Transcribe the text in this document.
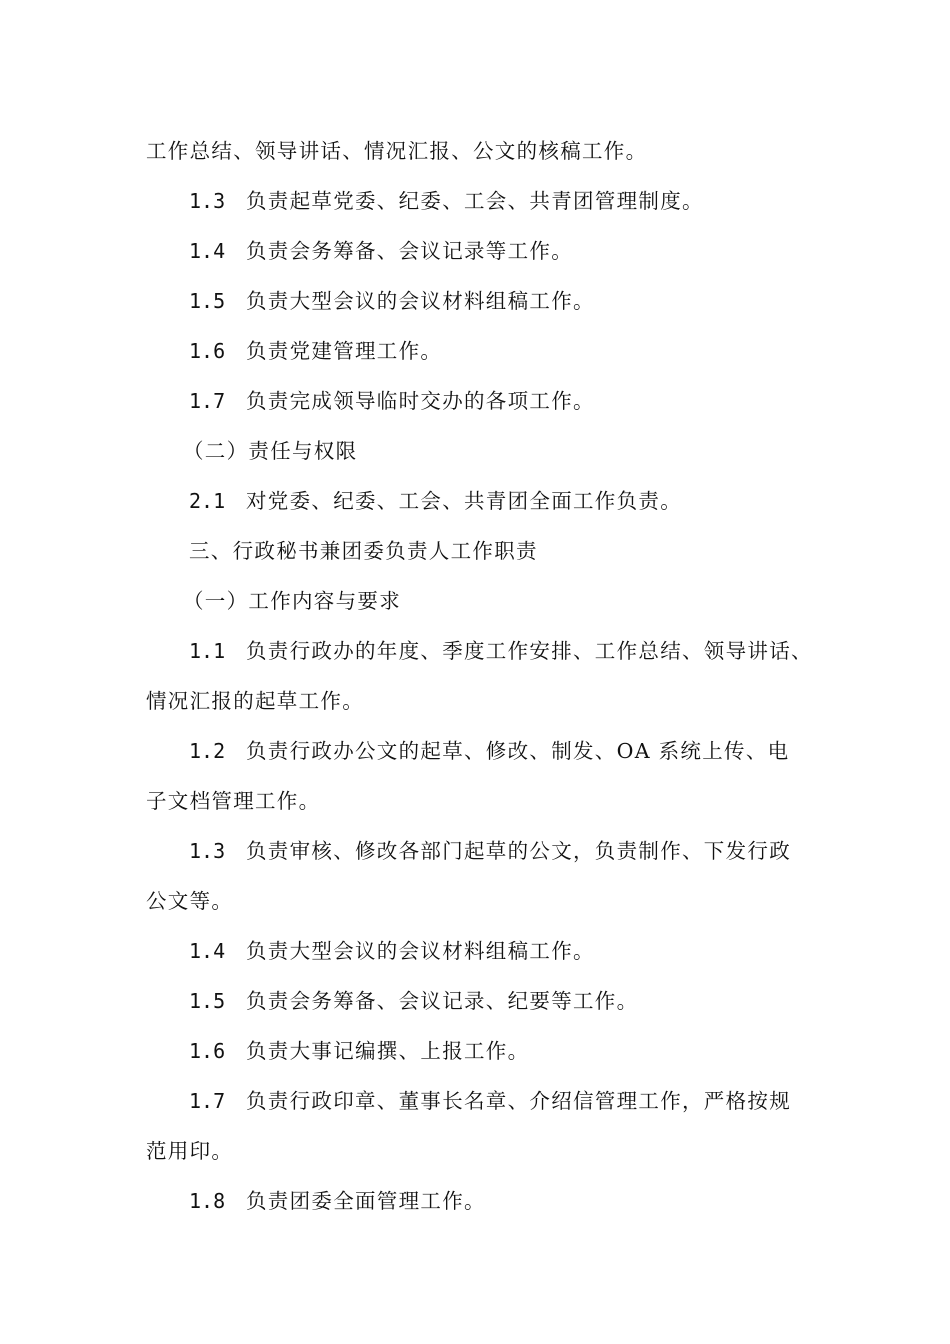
工作总结、领导讲话、情况汇报、公文的核稿工作。
1.3 负责起草党委、纪委、工会、共青团管理制度。
1.4 负责会务筹备、会议记录等工作。
1.5 负责大型会议的会议材料组稿工作。
1.6 负责党建管理工作。
1.7 负责完成领导临时交办的各项工作。
（二）责任与权限
2.1 对党委、纪委、工会、共青团全面工作负责。
三、行政秘书兼团委负责人工作职责
（一）工作内容与要求
1.1 负责行政办的年度、季度工作安排、工作总结、领导讲话、
情况汇报的起草工作。
1.2 负责行政办公文的起草、修改、制发、OA 系统上传、电
子文档管理工作。
1.3 负责审核、修改各部门起草的公文，负责制作、下发行政
公文等。
1.4 负责大型会议的会议材料组稿工作。
1.5 负责会务筹备、会议记录、纪要等工作。
1.6 负责大事记编撰、上报工作。
1.7 负责行政印章、董事长名章、介绍信管理工作，严格按规
范用印。
1.8 负责团委全面管理工作。
